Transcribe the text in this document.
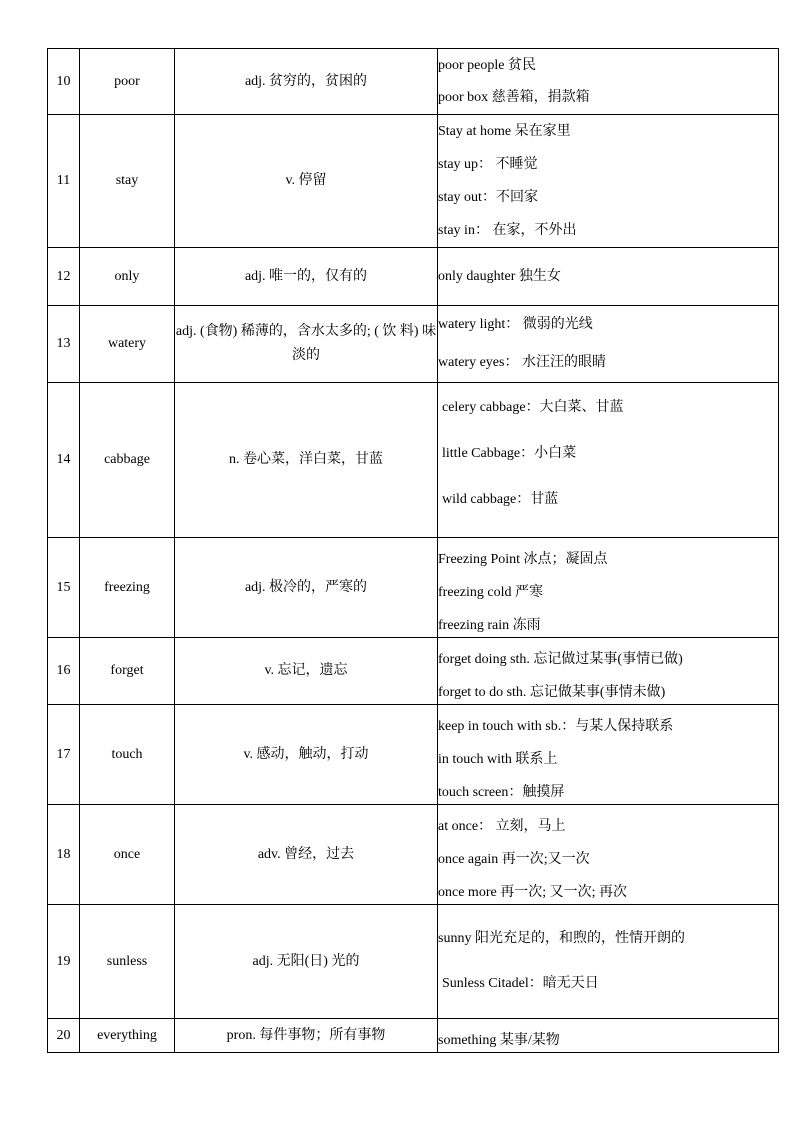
10	poor	adj. 贫穷的，贫困的	poor people 贫民
poor box 慈善箱，捐款箱

11	stay	v. 停留	Stay at home 呆在家里
stay up： 不睡觉
stay out：不回家
stay in： 在家，不外出

12	only	adj. 唯一的，仅有的	only daughter 独生女

13	watery	adj. (食物) 稀薄的，含水太多的; ( 饮 料) 味淡的	watery light： 微弱的光线
watery eyes： 水汪汪的眼睛

14	cabbage	n. 卷心菜，洋白菜，甘蓝	celery cabbage：大白菜、甘蓝
little Cabbage：小白菜
wild cabbage：甘蓝

15	freezing	adj. 极冷的，严寒的	Freezing Point 冰点；凝固点
freezing cold 严寒
freezing rain 冻雨

16	forget	v. 忘记，遗忘	forget doing sth. 忘记做过某事(事情已做)
forget to do sth. 忘记做某事(事情未做)

17	touch	v. 感动，触动，打动	keep in touch with sb.：与某人保持联系
in touch with 联系上
touch screen：触摸屏

18	once	adv. 曾经，过去	at once： 立刻，马上
once again 再一次;又一次
once more 再一次; 又一次; 再次

19	sunless	adj. 无阳(日) 光的	sunny 阳光充足的，和煦的，性情开朗的
Sunless Citadel：暗无天日

20	everything	pron. 每件事物；所有事物	something 某事/某物
